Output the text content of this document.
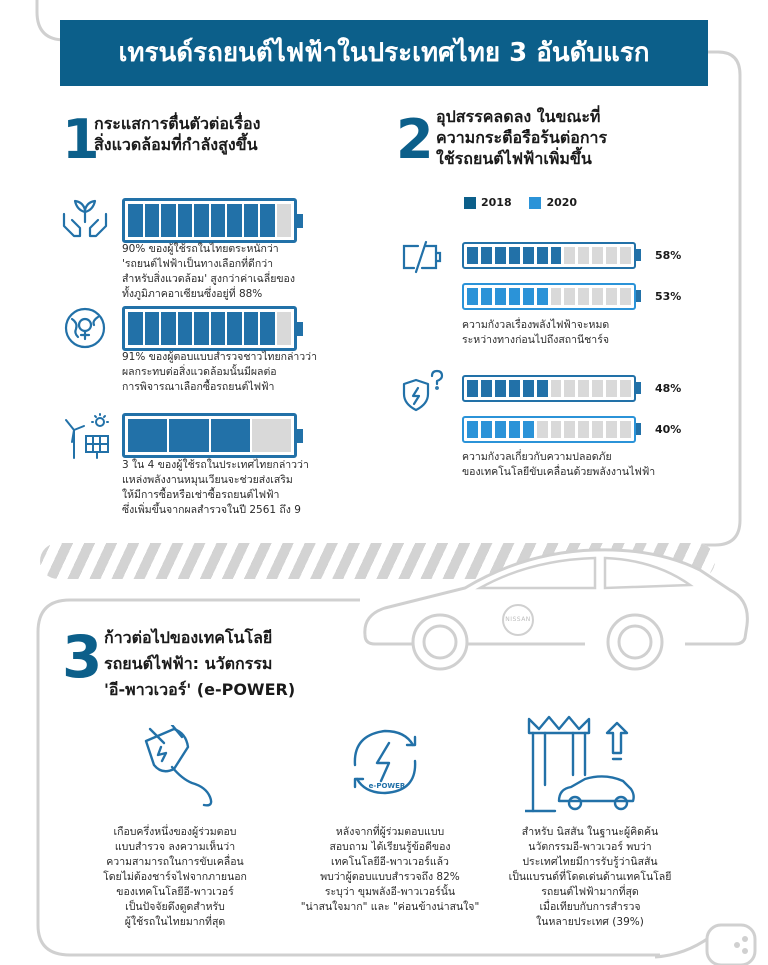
NISSAN
เทรนด์รถยนต์ไฟฟ้าในประเทศไทย 3 อันดับแรก
1
กระแสการตื่นตัวต่อเรื่อง
สิ่งแวดล้อมที่กำลังสูงขึ้น
90% ของผู้ใช้รถในไทยตระหนักว่า
'รถยนต์ไฟฟ้าเป็นทางเลือกที่ดีกว่า
สำหรับสิ่งแวดล้อม' สูงกว่าค่าเฉลี่ยของ
ทั้งภูมิภาคอาเซียนซึ่งอยู่ที่ 88%
91% ของผู้ตอบแบบสำรวจชาวไทยกล่าวว่า
ผลกระทบต่อสิ่งแวดล้อมนั้นมีผลต่อ
การพิจารณาเลือกซื้อรถยนต์ไฟฟ้า
3 ใน 4 ของผู้ใช้รถในประเทศไทยกล่าวว่า
แหล่งพลังงานหมุนเวียนจะช่วยส่งเสริม
ให้มีการซื้อหรือเช่าซื้อรถยนต์ไฟฟ้า
ซึ่งเพิ่มขึ้นจากผลสำรวจในปี 2561 ถึง 9
2 อุปสรรคลดลง ในขณะที่
ความกระตือรือร้นต่อการ
ใช้รถยนต์ไฟฟ้าเพิ่มขึ้น
2018	2020
58%
53%
ความกังวลเรื่องพลังไฟฟ้าจะหมด
ระหว่างทางก่อนไปถึงสถานีชาร์จ
48%
40%
ความกังวลเกี่ยวกับความปลอดภัย
ของเทคโนโลยีขับเคลื่อนด้วยพลังงานไฟฟ้า
3 ก้าวต่อไปของเทคโนโลยี
รถยนต์ไฟฟ้า: นวัตกรรม
'อี-พาวเวอร์' (e-POWER)
e-POWER
เกือบครึ่งหนึ่งของผู้ร่วมตอบ
แบบสำรวจ ลงความเห็นว่า
ความสามารถในการขับเคลื่อน
โดยไม่ต้องชาร์จไฟจากภายนอก
ของเทคโนโลยีอี-พาวเวอร์
เป็นปัจจัยดึงดูดสำหรับ
ผู้ใช้รถในไทยมากที่สุด
หลังจากที่ผู้ร่วมตอบแบบ
สอบถาม ได้เรียนรู้ข้อดีของ
เทคโนโลยีอี-พาวเวอร์แล้ว
พบว่าผู้ตอบแบบสำรวจถึง 82%
ระบุว่า ขุมพลังอี-พาวเวอร์นั้น
"น่าสนใจมาก" และ "ค่อนข้างน่าสนใจ"
สำหรับ นิสสัน ในฐานะผู้คิดค้น
นวัตกรรมอี-พาวเวอร์ พบว่า
ประเทศไทยมีการรับรู้ว่านิสสัน
เป็นแบรนด์ที่โดดเด่นด้านเทคโนโลยี
รถยนต์ไฟฟ้ามากที่สุด
เมื่อเทียบกับการสำรวจ
ในหลายประเทศ (39%)
